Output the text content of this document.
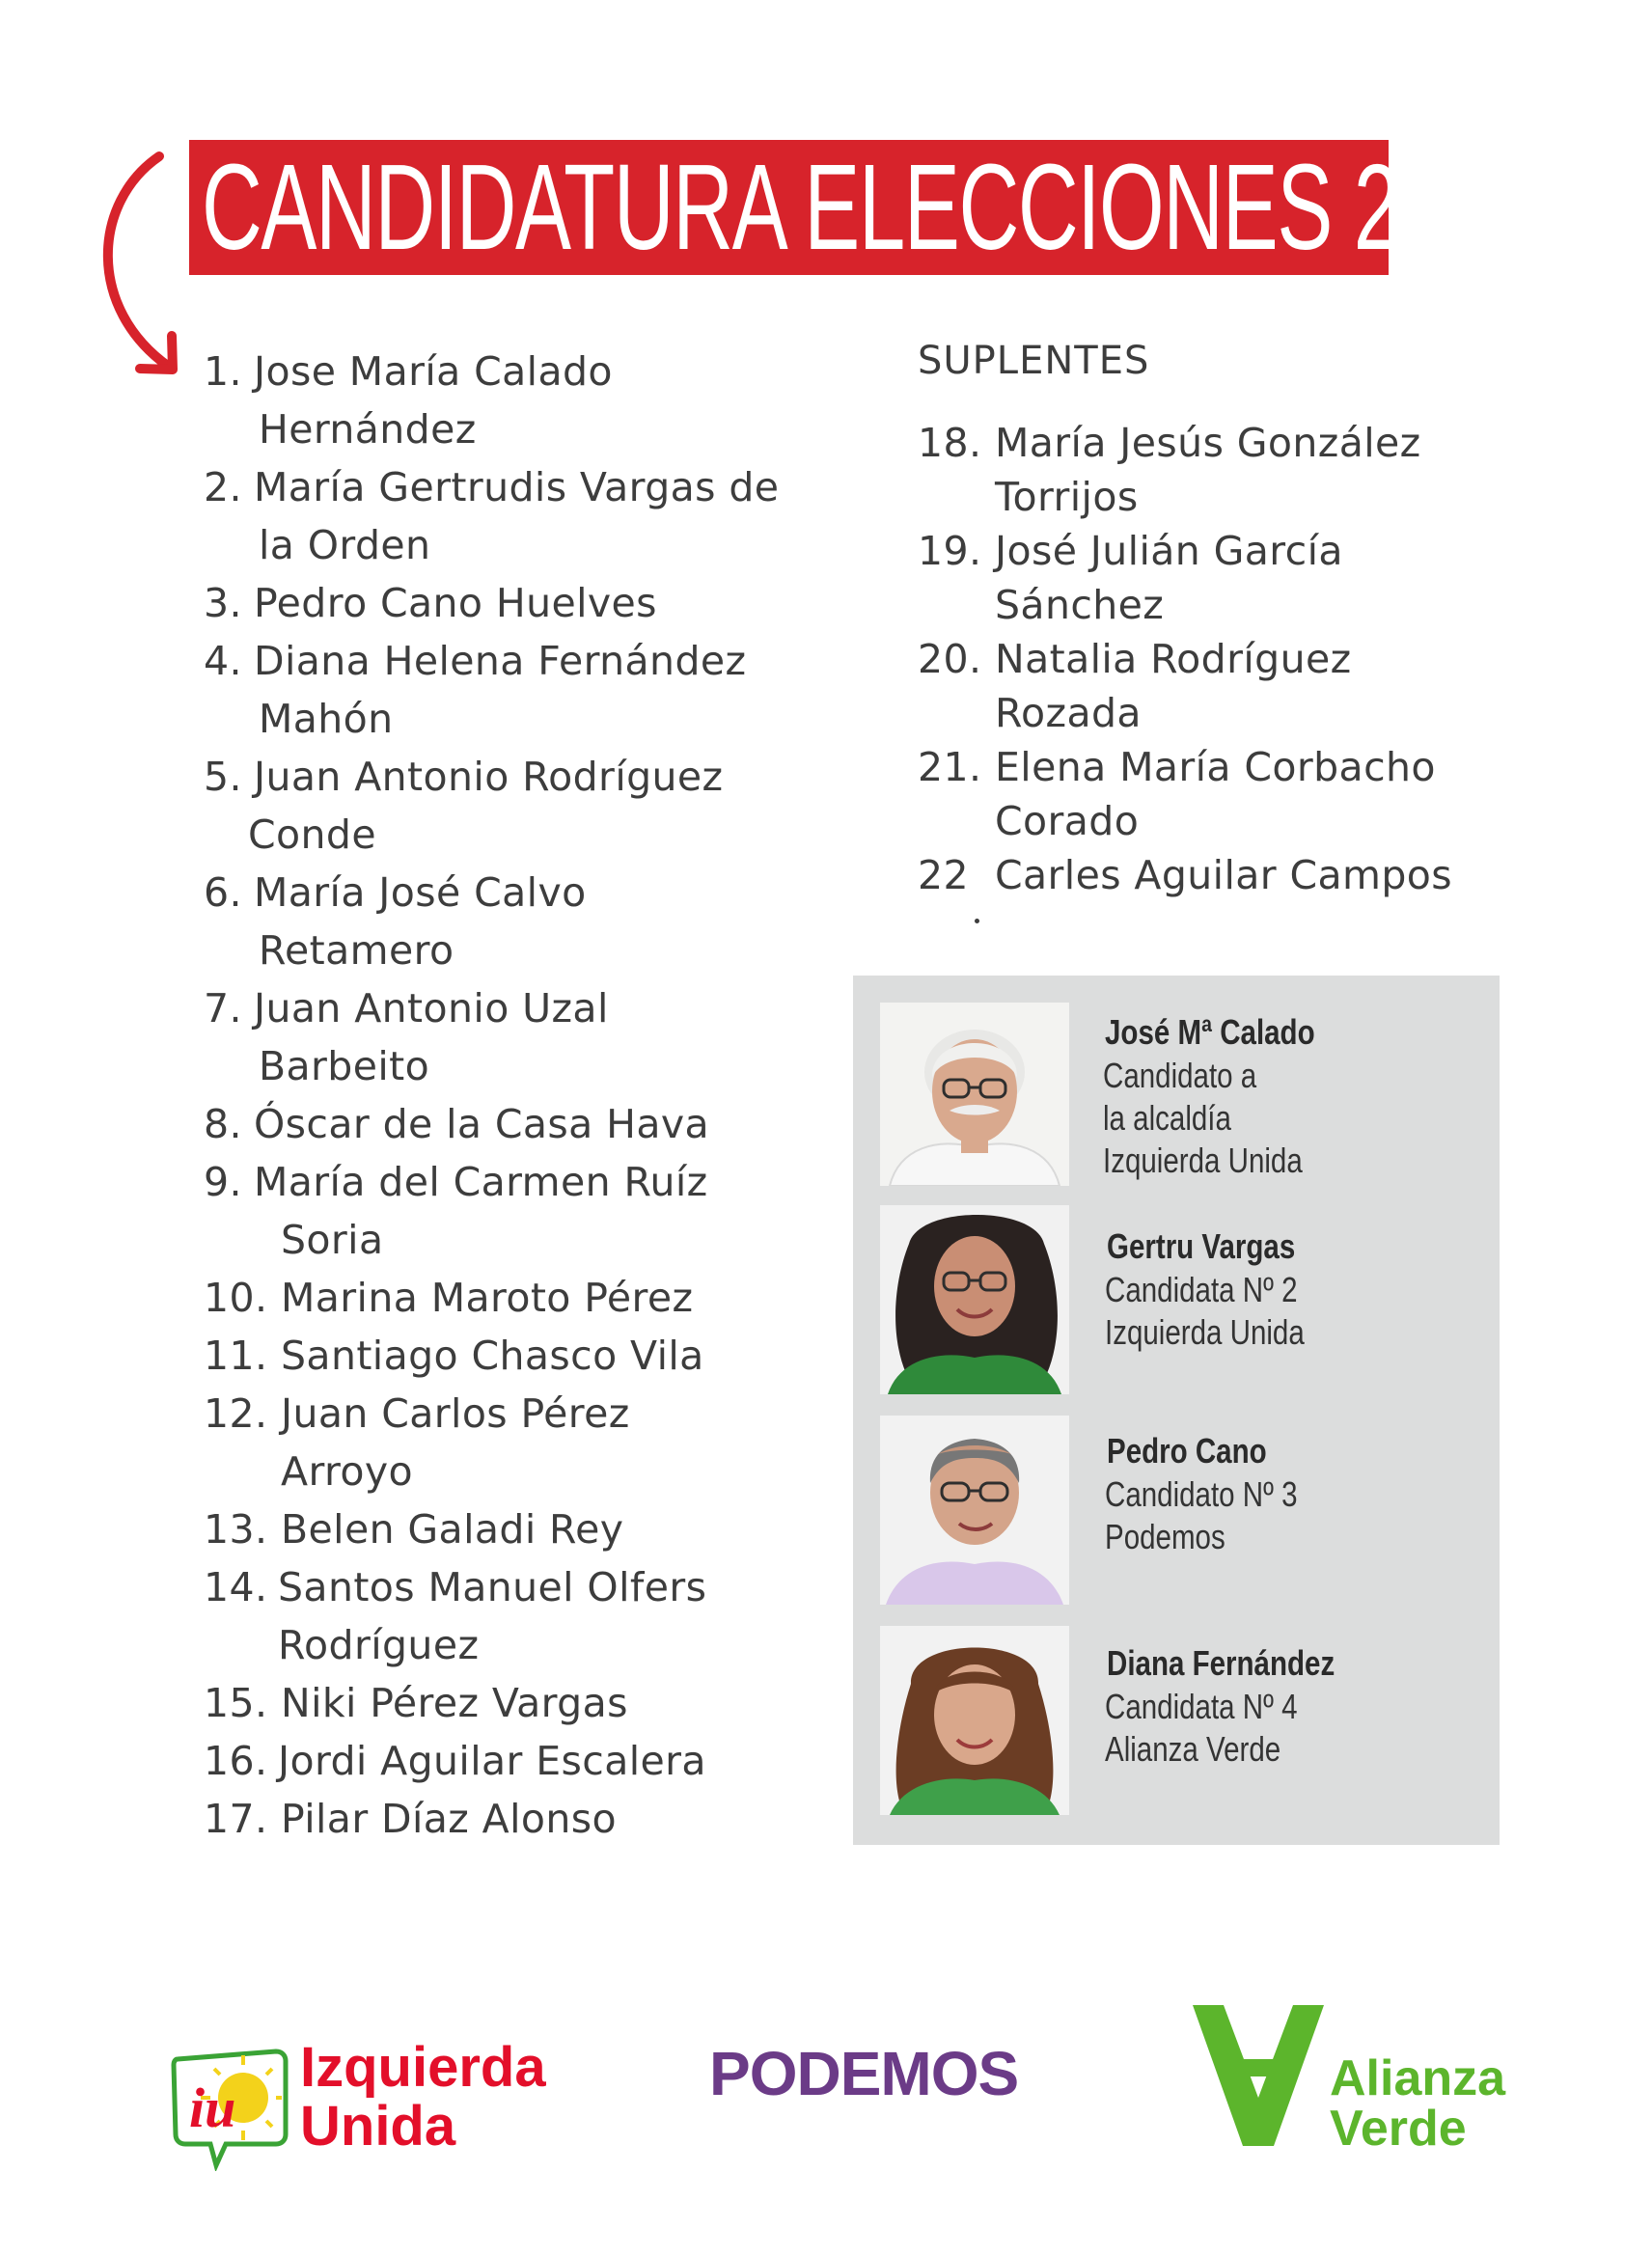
CANDIDATURA ELECCIONES 2023
1. Jose María Calado
Hernández
2. María Gertrudis Vargas de
la Orden
3. Pedro Cano Huelves
4. Diana Helena Fernández
Mahón
5. Juan Antonio Rodríguez
Conde
6. María José Calvo
Retamero
7. Juan Antonio Uzal
Barbeito
8. Óscar de la Casa Hava
9. María del Carmen Ruíz
Soria
10. Marina Maroto Pérez
11. Santiago Chasco Vila
12. Juan Carlos Pérez
Arroyo
13. Belen Galadi Rey
14. Santos Manuel Olfers
Rodríguez
15. Niki Pérez Vargas
16. Jordi Aguilar Escalera
17. Pilar Díaz Alonso
SUPLENTES
18. María Jesús González
Torrijos
19. José Julián García
Sánchez
20. Natalia Rodríguez
Rozada
21. Elena María Corbacho
Corado
22 Carles Aguilar Campos
José Mª Calado
Candidato a
la alcaldía
Izquierda Unida
Gertru Vargas
Candidata Nº 2
Izquierda Unida
Pedro Cano
Candidato Nº 3
Podemos
Diana Fernández
Candidata Nº 4
Alianza Verde
iu
Izquierda
Unida
PODEMOS	Alianza
Verde
